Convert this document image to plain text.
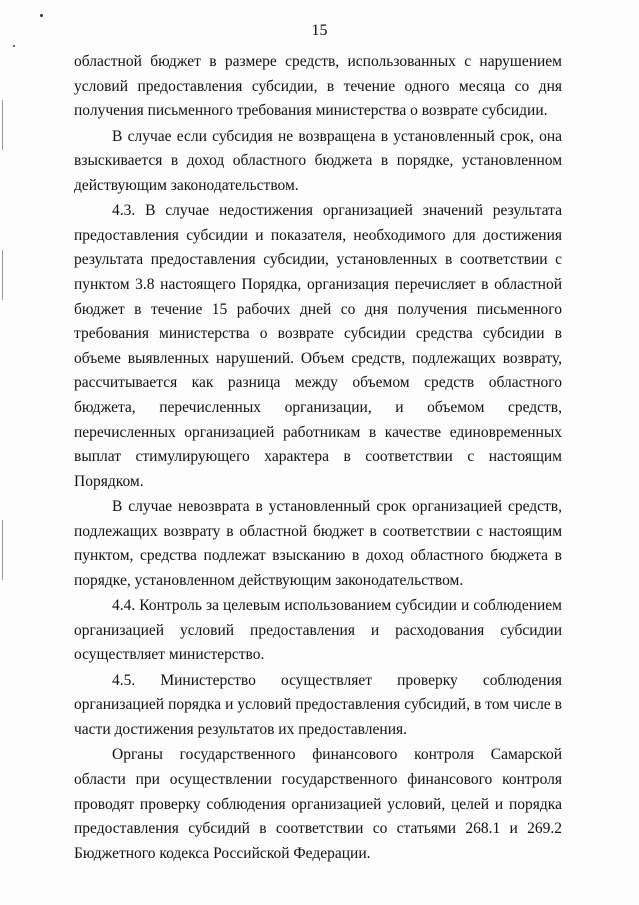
15

областной бюджет в размере средств, использованных с нарушением условий предоставления субсидии, в течение одного месяца со дня получения письменного требования министерства о возврате субсидии.

В случае если субсидия не возвращена в установленный срок, она взыскивается в доход областного бюджета в порядке, установленном действующим законодательством.

4.3. В случае недостижения организацией значений результата предоставления субсидии и показателя, необходимого для достижения результата предоставления субсидии, установленных в соответствии с пунктом 3.8 настоящего Порядка, организация перечисляет в областной бюджет в течение 15 рабочих дней со дня получения письменного требования министерства о возврате субсидии средства субсидии в объеме выявленных нарушений. Объем средств, подлежащих возврату, рассчитывается как разница между объемом средств областного бюджета, перечисленных организации, и объемом средств, перечисленных организацией работникам в качестве единовременных выплат стимулирующего характера в соответствии с настоящим Порядком.

В случае невозврата в установленный срок организацией средств, подлежащих возврату в областной бюджет в соответствии с настоящим пунктом, средства подлежат взысканию в доход областного бюджета в порядке, установленном действующим законодательством.

4.4. Контроль за целевым использованием субсидии и соблюдением организацией условий предоставления и расходования субсидии осуществляет министерство.

4.5. Министерство осуществляет проверку соблюдения организацией порядка и условий предоставления субсидий, в том числе в части достижения результатов их предоставления.

Органы государственного финансового контроля Самарской области при осуществлении государственного финансового контроля проводят проверку соблюдения организацией условий, целей и порядка предоставления субсидий в соответствии со статьями 268.1 и 269.2 Бюджетного кодекса Российской Федерации.
